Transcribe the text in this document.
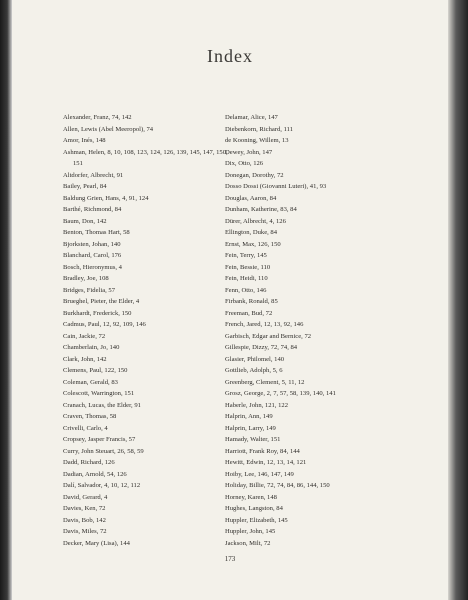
Index
Alexander, Franz, 74, 142
Allen, Lewis (Abel Meeropol), 74
Amor, Inés, 148
Ashman, Helen, 8, 10, 108, 123, 124, 126, 139, 145, 147, 150, 151
Altdorfer, Albrecht, 91
Bailey, Pearl, 84
Baldung Grien, Hans, 4, 91, 124
Barthé, Richmond, 84
Baum, Don, 142
Benton, Thomas Hart, 58
Bjorksten, Johan, 140
Blanchard, Carol, 176
Bosch, Hieronymus, 4
Bradley, Joe, 108
Bridges, Fidelia, 57
Brueghel, Pieter, the Elder, 4
Burkhardt, Frederick, 150
Cadmus, Paul, 12, 92, 109, 146
Cain, Jackie, 72
Chamberlain, Jo, 140
Clark, John, 142
Clemens, Paul, 122, 150
Coleman, Gerald, 83
Colescott, Warrington, 151
Cranach, Lucas, the Elder, 91
Craven, Thomas, 58
Crivelli, Carlo, 4
Cropsey, Jasper Francis, 57
Curry, John Steuart, 26, 58, 59
Dadd, Richard, 126
Dadian, Arnold, 54, 126
Dalí, Salvador, 4, 10, 12, 112
David, Gerard, 4
Davies, Ken, 72
Davis, Bob, 142
Davis, Miles, 72
Decker, Mary (Lisa), 144
Delamar, Alice, 147
Diebenkorn, Richard, 111
de Kooning, Willem, 13
Dewey, John, 147
Dix, Otto, 126
Donegan, Dorothy, 72
Dosso Dossi (Giovanni Luteri), 41, 93
Douglas, Aaron, 84
Dunham, Katherine, 83, 84
Dürer, Albrecht, 4, 126
Ellington, Duke, 84
Ernst, Max, 126, 150
Fein, Terry, 145
Fein, Bessie, 110
Fein, Heidi, 110
Fenn, Otto, 146
Firbank, Ronald, 85
Freeman, Bud, 72
French, Jared, 12, 13, 92, 146
Garbisch, Edgar and Bernice, 72
Gillespie, Dizzy, 72, 74, 84
Glasier, Philomel, 140
Gottlieb, Adolph, 5, 6
Greenberg, Clement, 5, 11, 12
Grosz, George, 2, 7, 57, 58, 139, 140, 141
Haberle, John, 121, 122
Halprin, Ann, 149
Halprin, Larry, 149
Hamady, Walter, 151
Harriott, Frank Roy, 84, 144
Hewitt, Edwin, 12, 13, 14, 121
Hoiby, Lee, 146, 147, 149
Holiday, Billie, 72, 74, 84, 86, 144, 150
Horney, Karen, 148
Hughes, Langston, 84
Huppler, Elizabeth, 145
Huppler, John, 145
Jackson, Milt, 72
173
